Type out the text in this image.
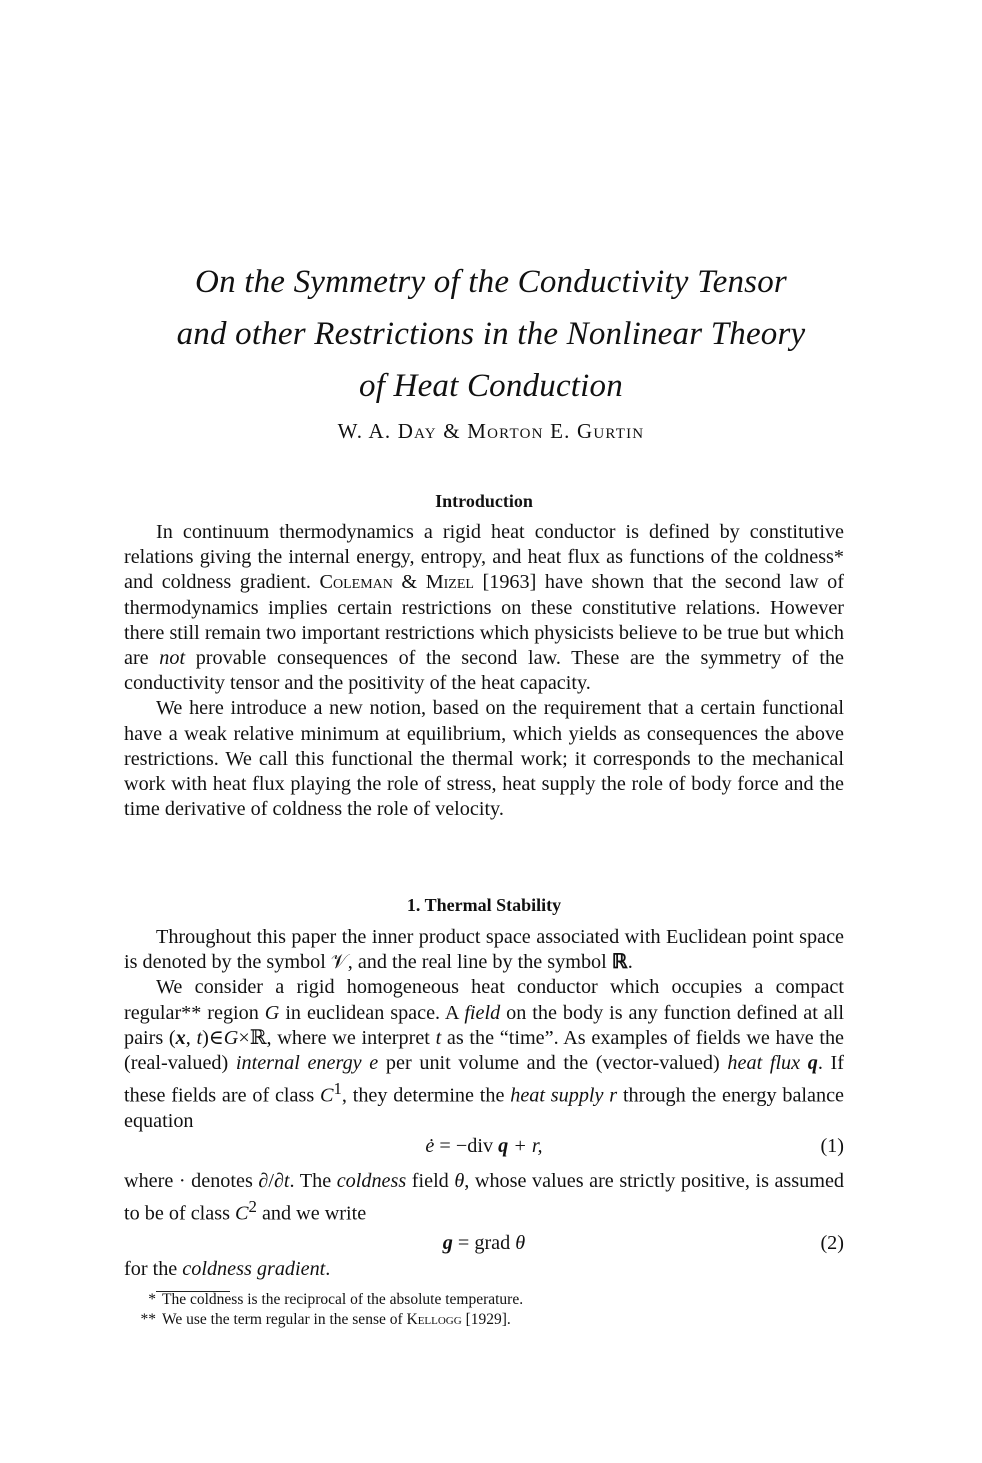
On the Symmetry of the Conductivity Tensor
and other Restrictions in the Nonlinear Theory
of Heat Conduction
W. A. Day & Morton E. Gurtin
Introduction

In continuum thermodynamics a rigid heat conductor is defined by constitutive relations giving the internal energy, entropy, and heat flux as functions of the coldness* and coldness gradient. Coleman & Mizel [1963] have shown that the second law of thermodynamics implies certain restrictions on these constitutive relations. However there still remain two important restrictions which physicists believe to be true but which are not provable consequences of the second law. These are the symmetry of the conductivity tensor and the positivity of the heat capacity.

We here introduce a new notion, based on the requirement that a certain functional have a weak relative minimum at equilibrium, which yields as consequences the above restrictions. We call this functional the thermal work; it corresponds to the mechanical work with heat flux playing the role of stress, heat supply the role of body force and the time derivative of coldness the role of velocity.

1. Thermal Stability

Throughout this paper the inner product space associated with Euclidean point space is denoted by the symbol 𝒱, and the real line by the symbol ℝ.

We consider a rigid homogeneous heat conductor which occupies a compact regular** region G in euclidean space. A field on the body is any function defined at all pairs (x, t)∈G×ℝ, where we interpret t as the “time”. As examples of fields we have the (real-valued) internal energy e per unit volume and the (vector-valued) heat flux q. If these fields are of class $C^1$, they determine the heat supply r through the energy balance equation

ė = −div q + r,	(1)

where · denotes ∂/∂t. The coldness field θ, whose values are strictly positive, is assumed to be of class $C^2$ and we write

g = grad θ	(2)

for the coldness gradient.

* The coldness is the reciprocal of the absolute temperature.
** We use the term regular in the sense of Kellogg [1929].
